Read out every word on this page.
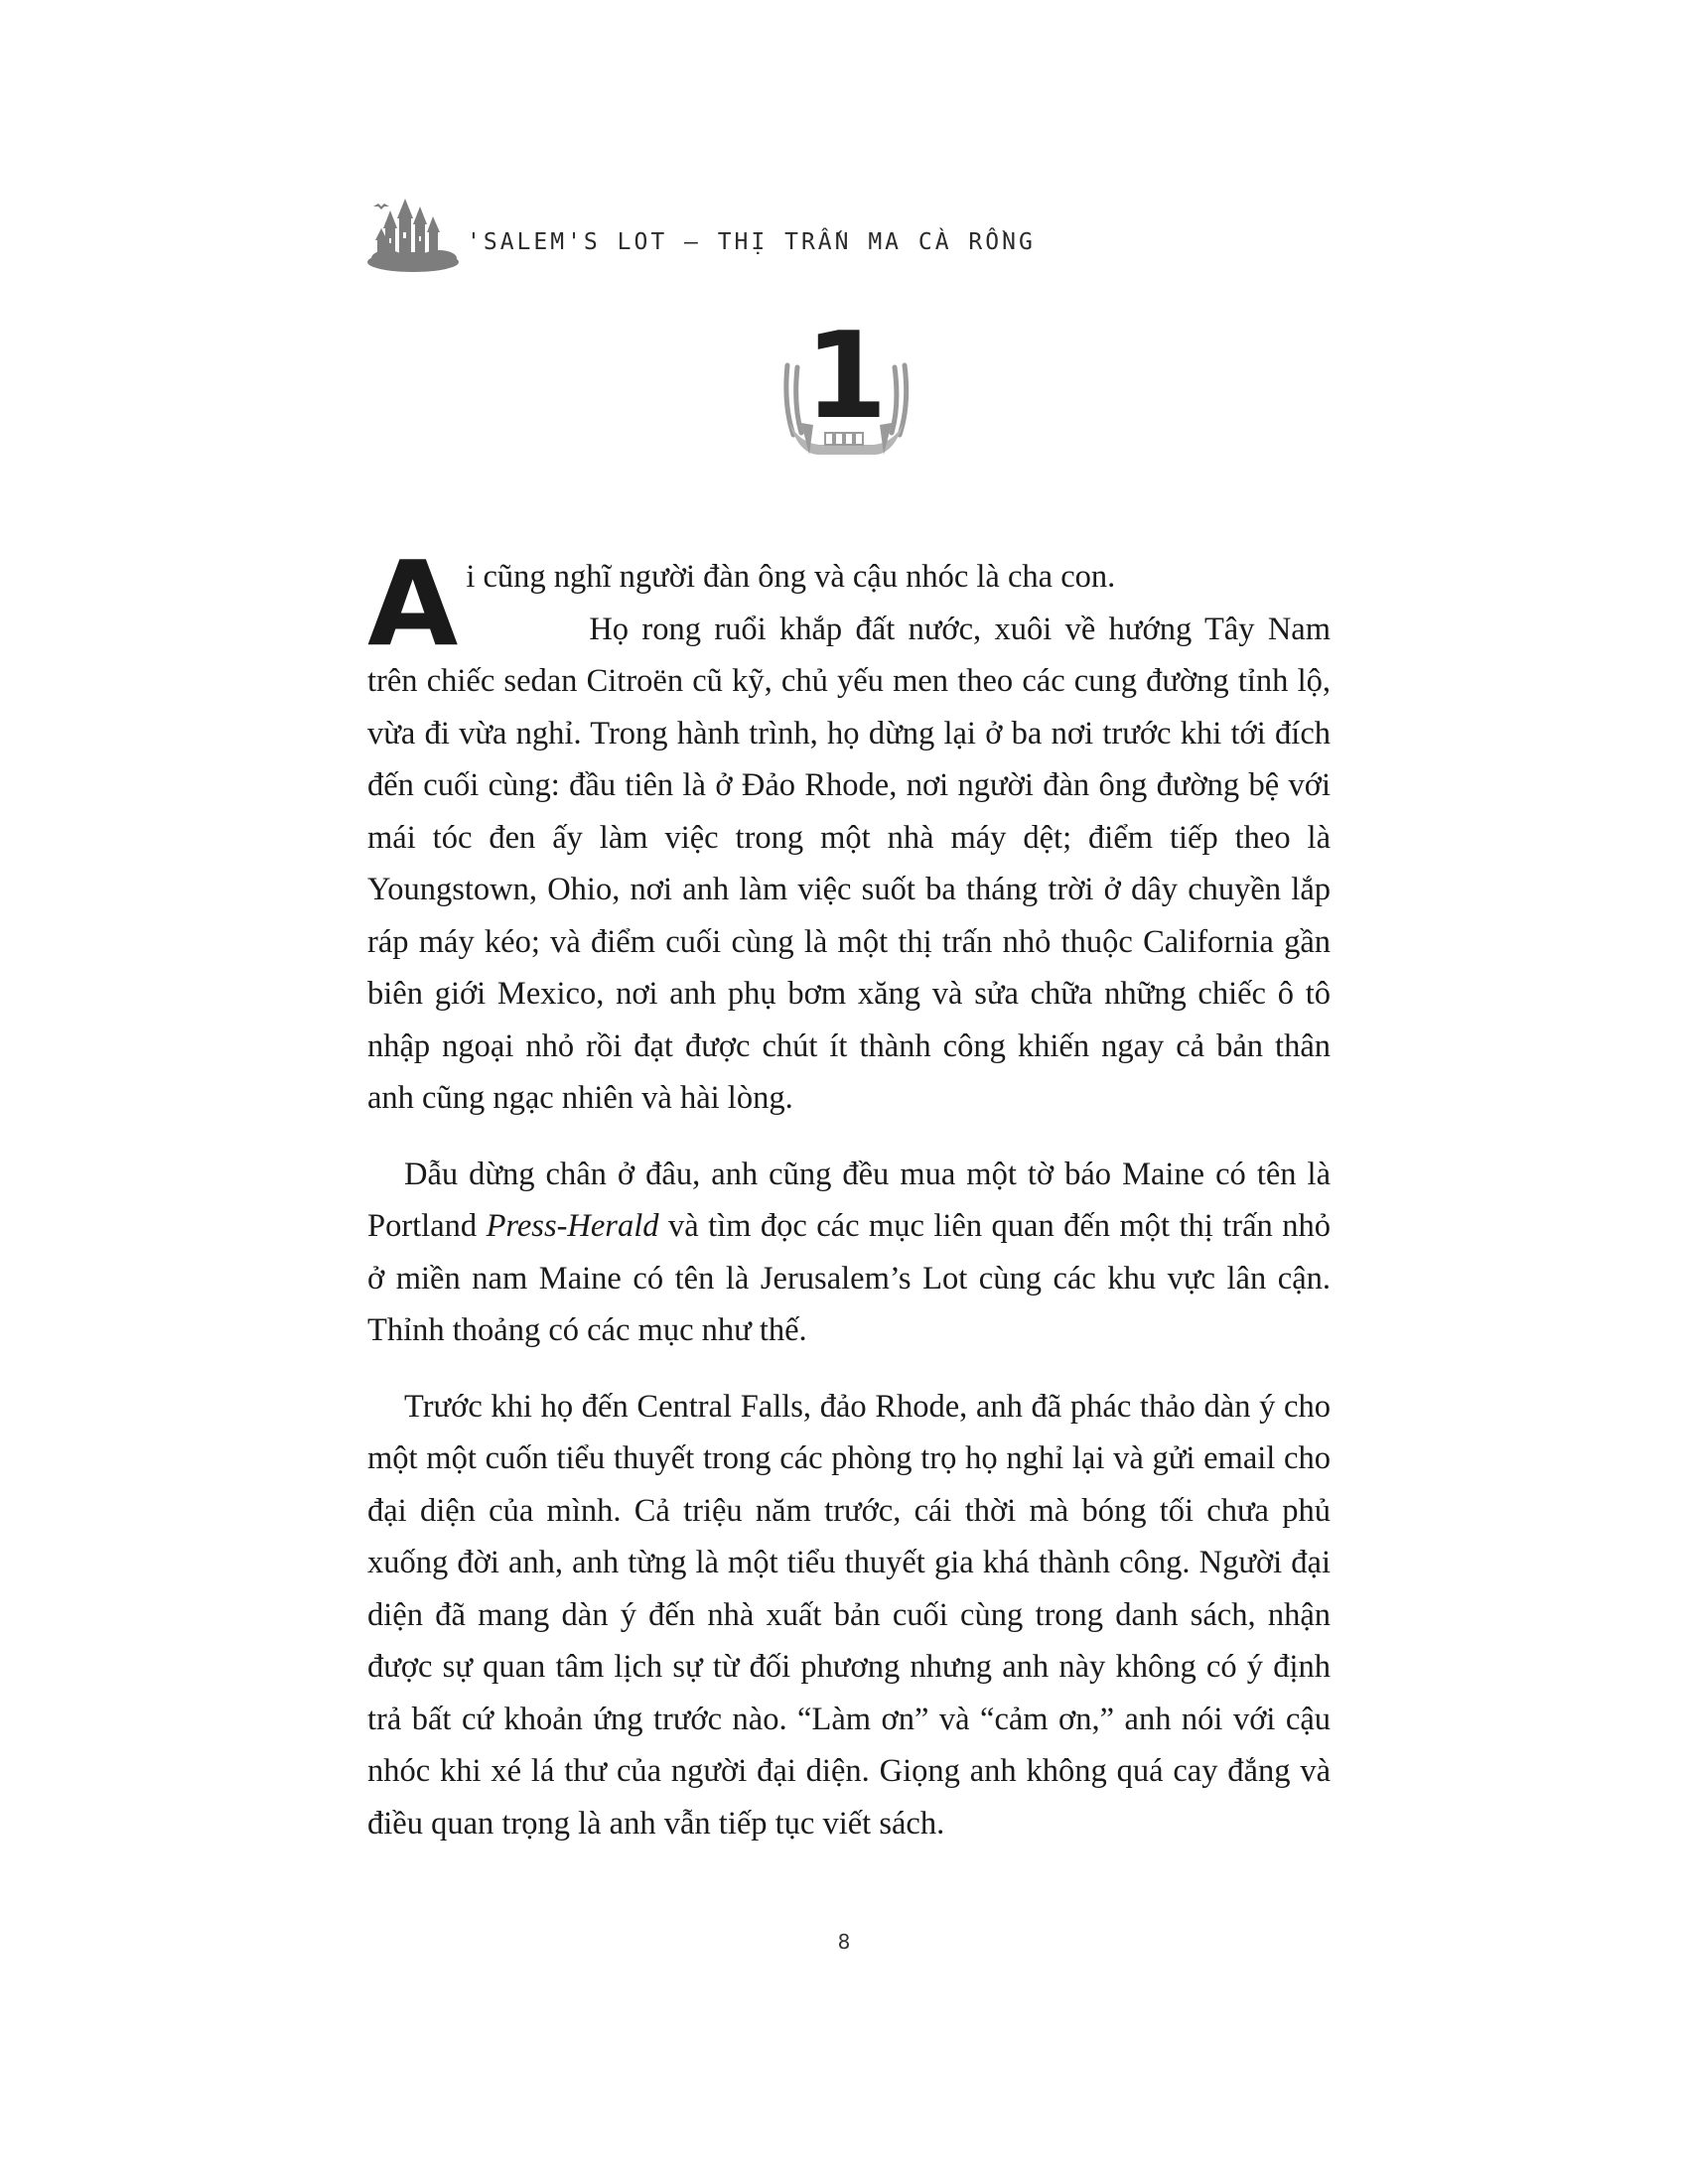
'SALEM'S LOT – THỊ TRẤN MA CÀ RỒNG
1

Ai cũng nghĩ người đàn ông và cậu nhóc là cha con.

Họ rong ruổi khắp đất nước, xuôi về hướng Tây Nam trên chiếc sedan Citroën cũ kỹ, chủ yếu men theo các cung đường tỉnh lộ, vừa đi vừa nghỉ. Trong hành trình, họ dừng lại ở ba nơi trước khi tới đích đến cuối cùng: đầu tiên là ở Đảo Rhode, nơi người đàn ông đường bệ với mái tóc đen ấy làm việc trong một nhà máy dệt; điểm tiếp theo là Youngstown, Ohio, nơi anh làm việc suốt ba tháng trời ở dây chuyền lắp ráp máy kéo; và điểm cuối cùng là một thị trấn nhỏ thuộc California gần biên giới Mexico, nơi anh phụ bơm xăng và sửa chữa những chiếc ô tô nhập ngoại nhỏ rồi đạt được chút ít thành công khiến ngay cả bản thân anh cũng ngạc nhiên và hài lòng.

Dẫu dừng chân ở đâu, anh cũng đều mua một tờ báo Maine có tên là Portland Press-Herald và tìm đọc các mục liên quan đến một thị trấn nhỏ ở miền nam Maine có tên là Jerusalem’s Lot cùng các khu vực lân cận. Thỉnh thoảng có các mục như thế.

Trước khi họ đến Central Falls, đảo Rhode, anh đã phác thảo dàn ý cho một một cuốn tiểu thuyết trong các phòng trọ họ nghỉ lại và gửi email cho đại diện của mình. Cả triệu năm trước, cái thời mà bóng tối chưa phủ xuống đời anh, anh từng là một tiểu thuyết gia khá thành công. Người đại diện đã mang dàn ý đến nhà xuất bản cuối cùng trong danh sách, nhận được sự quan tâm lịch sự từ đối phương nhưng anh này không có ý định trả bất cứ khoản ứng trước nào. “Làm ơn” và “cảm ơn,” anh nói với cậu nhóc khi xé lá thư của người đại diện. Giọng anh không quá cay đắng và điều quan trọng là anh vẫn tiếp tục viết sách.

8
